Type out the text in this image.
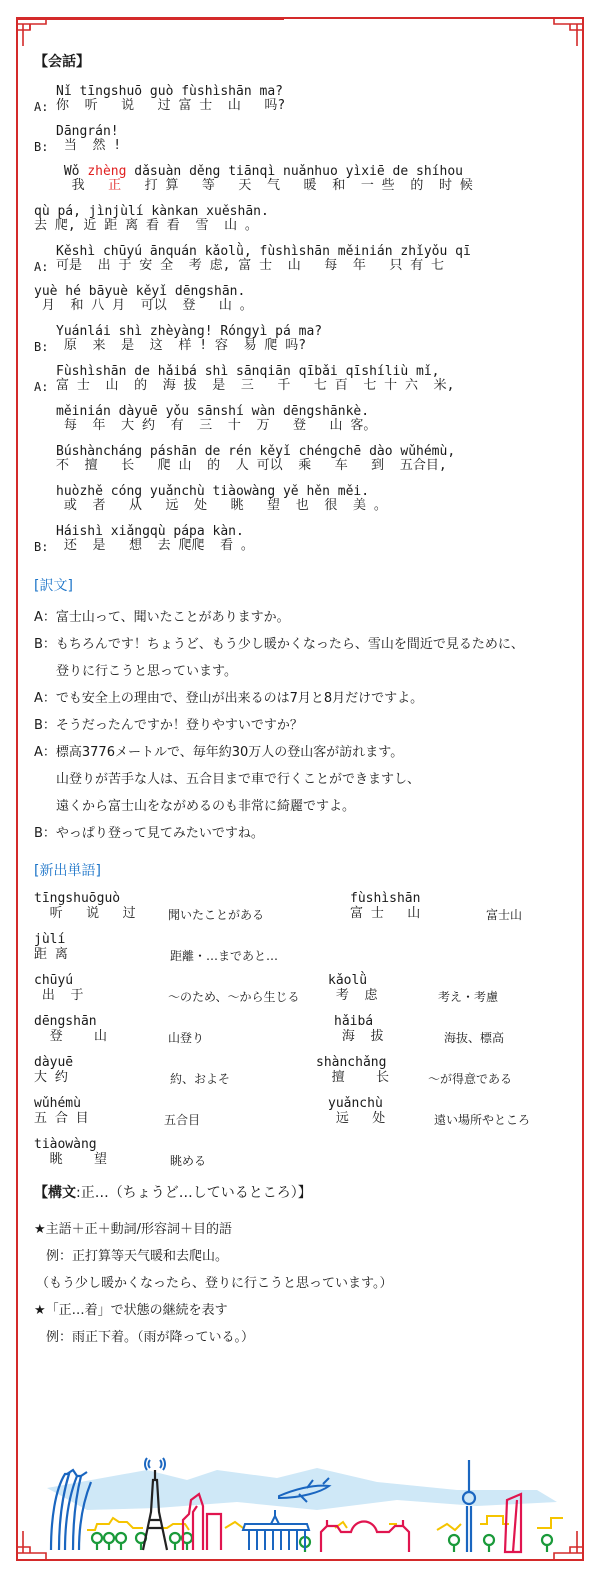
【会話】
A:
Nǐ tīngshuō guò fùshìshān ma?
你  听   说   过 富 士  山   吗?
B:
Dāngrán!
当  然 !
Wǒ zhèng dǎsuàn děng tiānqì nuǎnhuo yìxiē de shíhou
我   正   打 算   等   天  气   暖  和  一 些  的  时 候
qù pá, jìnjùlí kànkan xuěshān.
去 爬, 近 距 离 看 看  雪  山 。
A:
Kěshì chūyú ānquán kǎolǜ, fùshìshān měinián zhǐyǒu qī
可是  出 于 安 全  考 虑, 富 士  山   每  年   只 有 七
yuè hé bāyuè kěyǐ dēngshān.
月  和 八 月  可以  登   山 。
B:
Yuánlái shì zhèyàng! Róngyì pá ma?
原  来  是  这  样 ! 容  易 爬 吗?
A:
Fùshìshān de hǎibá shì sānqiān qībǎi qīshíliù mǐ,
富 士  山  的  海 拔  是  三   千   七 百  七 十 六  米,
měinián dàyuē yǒu sānshí wàn dēngshānkè.
每  年  大 约  有  三  十  万   登   山 客。
Búshàncháng páshān de rén kěyǐ chéngchē dào wǔhémù,
不  擅   长   爬 山  的  人 可以  乘   车   到  五合目,
huòzhě cóng yuǎnchù tiàowàng yě hěn měi.
或  者   从   远  处   眺   望  也  很  美 。
B:
Háishì xiǎngqù pápa kàn.
还  是   想  去 爬爬  看 。
[訳文]
A：富士山って、聞いたことがありますか。
B：もちろんです！ちょうど、もう少し暖かくなったら、雪山を間近で見るために、
登りに行こうと思っています。
A：でも安全上の理由で、登山が出来るのは7月と8月だけですよ。
B：そうだったんですか！登りやすいですか？
A：標高3776メートルで、毎年約30万人の登山客が訪れます。
山登りが苦手な人は、五合目まで車で行くことができますし、
遠くから富士山をながめるのも非常に綺麗ですよ。
B：やっぱり登って見てみたいですね。
[新出単語]
tīngshuōguò
听   说   过	聞いたことがある
fùshìshān
富 士   山	富士山
jùlí
距 离	距離・…まであと…
chūyú
出  于	～のため、～から生じる
kǎolǜ
考  虑	考え・考慮
dēngshān
登    山	山登り
hǎibá
海  拔	海抜、標高
dàyuē
大 约	約、およそ
shànchǎng
擅    长	～が得意である
wǔhémù
五 合 目	五合目
yuǎnchù
远   处	遠い場所やところ
tiàowàng
眺    望	眺める
【構文:正…（ちょうど…しているところ）】
★主語＋正＋動詞/形容詞＋目的語
例：正打算等天气暖和去爬山。
（もう少し暖かくなったら、登りに行こうと思っています。）
★「正…着」で状態の継続を表す
例：雨正下着。（雨が降っている。）
